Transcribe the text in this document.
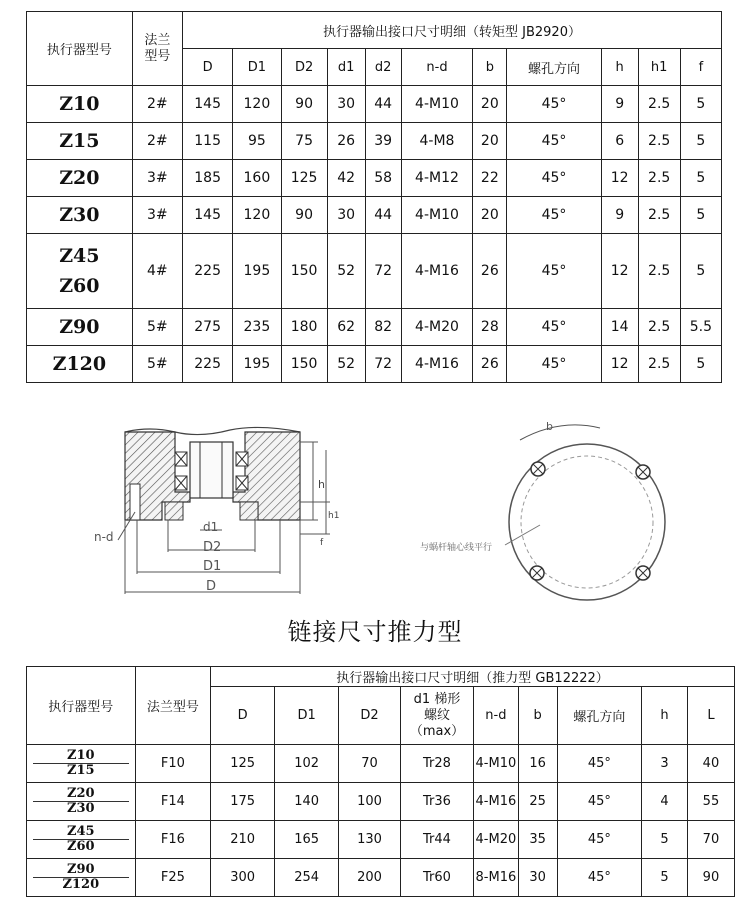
执行器型号	法兰型号	执行器输出接口尺寸明细（转矩型 JB2920）										
		D	D1	D2	d1	d2	n-d	b	螺孔方向	h	h1	f
Z10	2#	145	120	90	30	44	4-M10	20	45°	9	2.5	5
Z15	2#	115	95	75	26	39	4-M8	20	45°	6	2.5	5
Z20	3#	185	160	125	42	58	4-M12	22	45°	12	2.5	5
Z30	3#	145	120	90	30	44	4-M10	20	45°	9	2.5	5

Z45
Z60	4#	225	195	150	52	72	4-M16	26	45°	12	2.5	5
Z90	5#	275	235	180	62	82	4-M20	28	45°	14	2.5	5.5
Z120	5#	225	195	150	52	72	4-M16	26	45°	12	2.5	5
h
h1
f
n-d
d1
D2
D1
D
b
与蜗杆轴心线平行
链接尺寸推力型
执行器型号	法兰型号	执行器输出接口尺寸明细（推力型 GB12222）								
		D	D1	D2	d1 梯形
螺纹
（max）	n-d	b	螺孔方向	h	L

Z10
Z15	F10	125	102	70	Tr28	4-M10	16	45°	3	40

Z20
Z30	F14	175	140	100	Tr36	4-M16	25	45°	4	55

Z45
Z60	F16	210	165	130	Tr44	4-M20	35	45°	5	70

Z90
Z120	F25	300	254	200	Tr60	8-M16	30	45°	5	90
